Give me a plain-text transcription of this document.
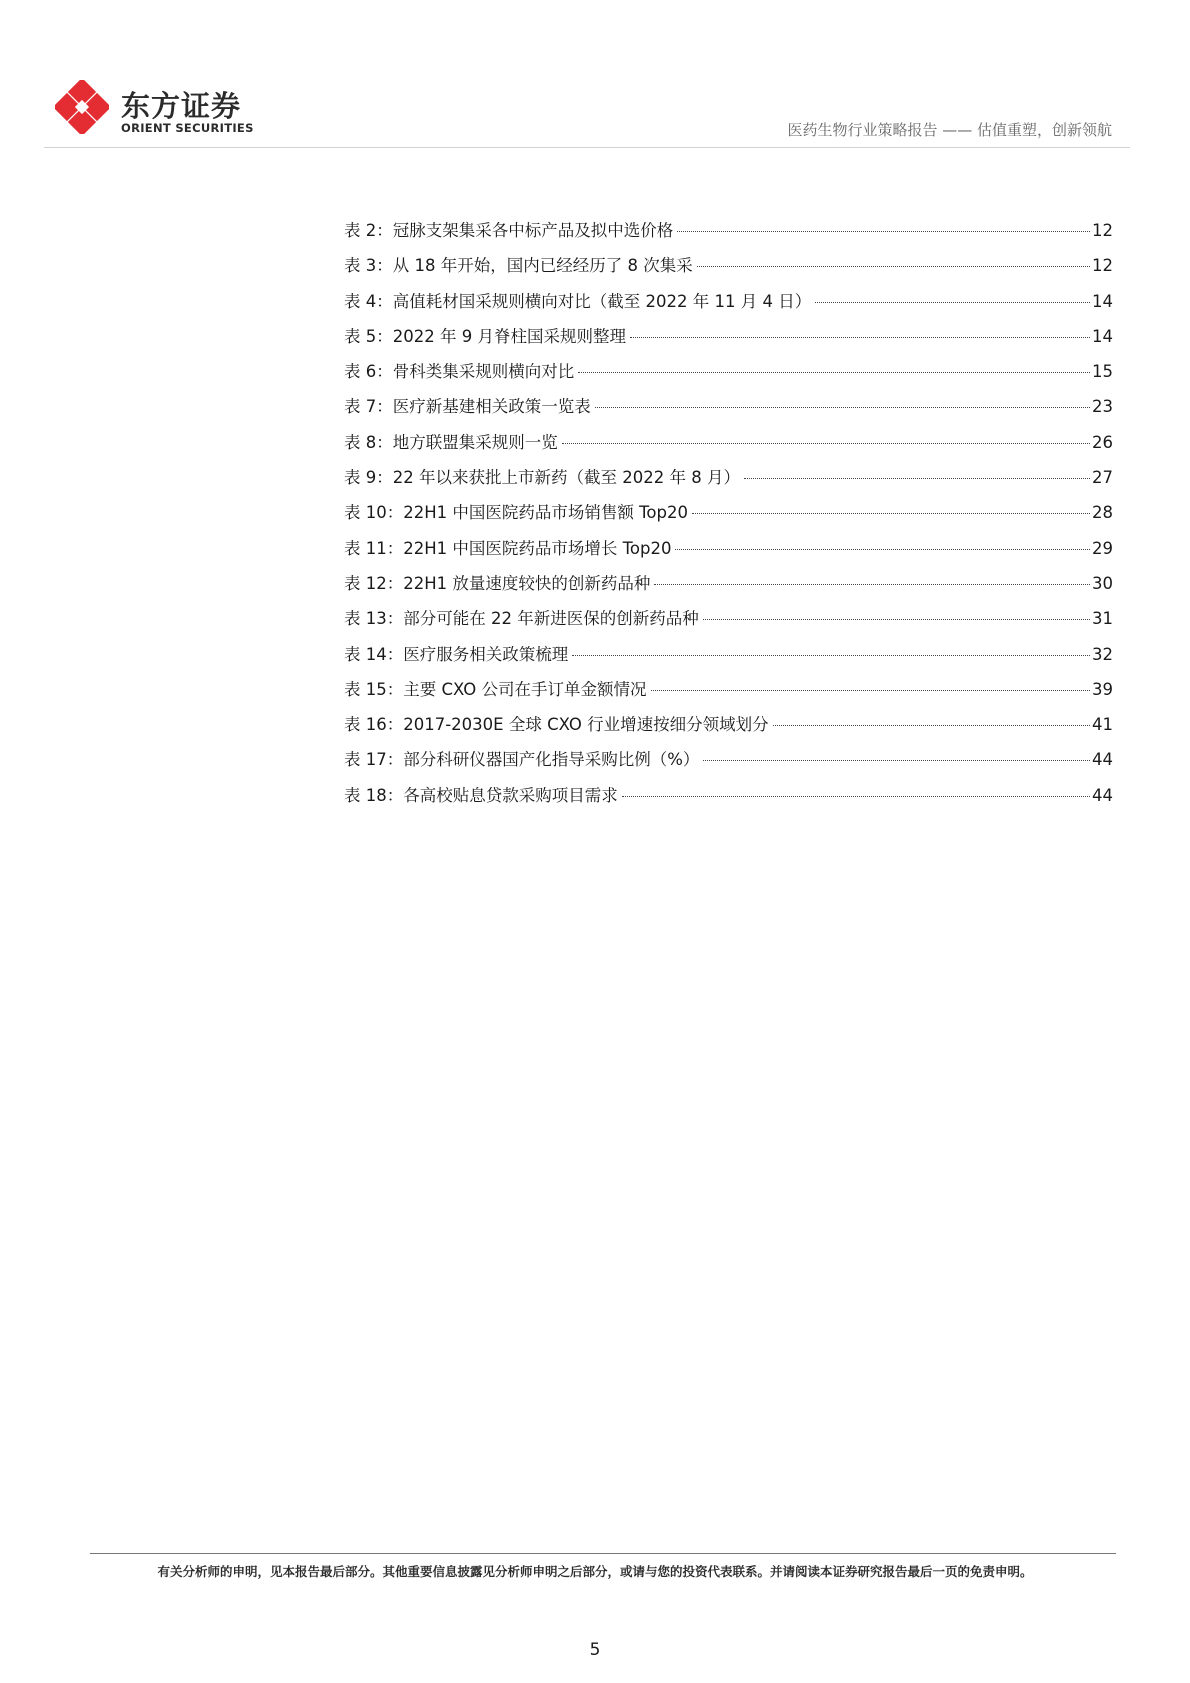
东方证券
ORIENT SECURITIES	医药生物行业策略报告 —— 估值重塑，创新领航
表 2：冠脉支架集采各中标产品及拟中选价格	12
表 3：从 18 年开始，国内已经经历了 8 次集采	12
表 4：高值耗材国采规则横向对比（截至 2022 年 11 月 4 日）	14
表 5：2022 年 9 月脊柱国采规则整理	14
表 6：骨科类集采规则横向对比	15
表 7：医疗新基建相关政策一览表	23
表 8：地方联盟集采规则一览	26
表 9：22 年以来获批上市新药（截至 2022 年 8 月）	27
表 10：22H1 中国医院药品市场销售额 Top20	28
表 11：22H1 中国医院药品市场增长 Top20	29
表 12：22H1 放量速度较快的创新药品种	30
表 13：部分可能在 22 年新进医保的创新药品种	31
表 14：医疗服务相关政策梳理	32
表 15：主要 CXO 公司在手订单金额情况	39
表 16：2017-2030E 全球 CXO 行业增速按细分领域划分	41
表 17：部分科研仪器国产化指导采购比例（%）	44
表 18：各高校贴息贷款采购项目需求	44
有关分析师的申明，见本报告最后部分。其他重要信息披露见分析师申明之后部分，或请与您的投资代表联系。并请阅读本证券研究报告最后一页的免责申明。
5
